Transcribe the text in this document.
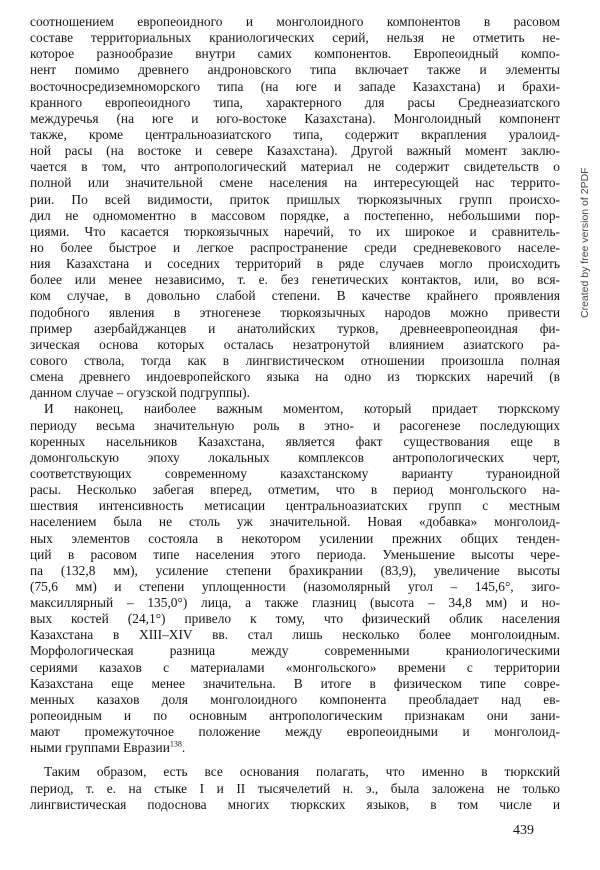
соотношением европеоидного и монголоидного компонентов в расовом
составе территориальных краниологических серий, нельзя не отметить не-
которое разнообразие внутри самих компонентов. Европеоидный компо-
нент помимо древнего андроновского типа включает также и элементы
восточносредиземноморского типа (на юге и западе Казахстана) и брахи-
кранного европеоидного типа, характерного для расы Среднеазиатского
междуречья (на юге и юго-востоке Казахстана). Монголоидный компонент
также, кроме центральноазиатского типа, содержит вкрапления уралоид-
ной расы (на востоке и севере Казахстана). Другой важный момент заклю-
чается в том, что антропологический материал не содержит свидетельств о
полной или значительной смене населения на интересующей нас террито-
рии. По всей видимости, приток пришлых тюркоязычных групп происхо-
дил не одномоментно в массовом порядке, а постепенно, небольшими пор-
циями. Что касается тюркоязычных наречий, то их широкое и сравнитель-
но более быстрое и легкое распространение среди средневекового населе-
ния Казахстана и соседних территорий в ряде случаев могло происходить
более или менее независимо, т. е. без генетических контактов, или, во вся-
ком случае, в довольно слабой степени. В качестве крайнего проявления
подобного явления в этногенезе тюркоязычных народов можно привести
пример азербайджанцев и анатолийских турков, древнеевропеоидная фи-
зическая основа которых осталась незатронутой влиянием азиатского ра-
сового ствола, тогда как в лингвистическом отношении произошла полная
смена древнего индоевропейского языка на одно из тюркских наречий (в
данном случае – огузской подгруппы).
И наконец, наиболее важным моментом, который придает тюркскому
периоду весьма значительную роль в этно- и расогенезе последующих
коренных насельников Казахстана, является факт существования еще в
домонгольскую эпоху локальных комплексов антропологических черт,
соответствующих современному казахстанскому варианту тураноидной
расы. Несколько забегая вперед, отметим, что в период монгольского на-
шествия интенсивность метисации центральноазиатских групп с местным
населением была не столь уж значительной. Новая «добавка» монголоид-
ных элементов состояла в некотором усилении прежних общих тенден-
ций в расовом типе населения этого периода. Уменьшение высоты чере-
па (132,8 мм), усиление степени брахикрании (83,9), увеличение высоты
(75,6 мм) и степени уплощенности (назомолярный угол – 145,6°, зиго-
максиллярный – 135,0°) лица, а также глазниц (высота – 34,8 мм) и но-
вых костей (24,1°) привело к тому, что физический облик населения
Казахстана в XIII–XIV вв. стал лишь несколько более монголоидным.
Морфологическая разница между современными краниологическими
сериями казахов с материалами «монгольского» времени с территории
Казахстана еще менее значительна. В итоге в физическом типе совре-
менных казахов доля монголоидного компонента преобладает над ев-
ропеоидным и по основным антропологическим признакам они зани-
мают промежуточное положение между европеоидными и монголоид-
ными группами Евразии$^{138}$.
Таким образом, есть все основания полагать, что именно в тюркский
период, т. е. на стыке I и II тысячелетий н. э., была заложена не только
лингвистическая подоснова многих тюркских языков, в том числе и
Created by free version of 2PDF
439
